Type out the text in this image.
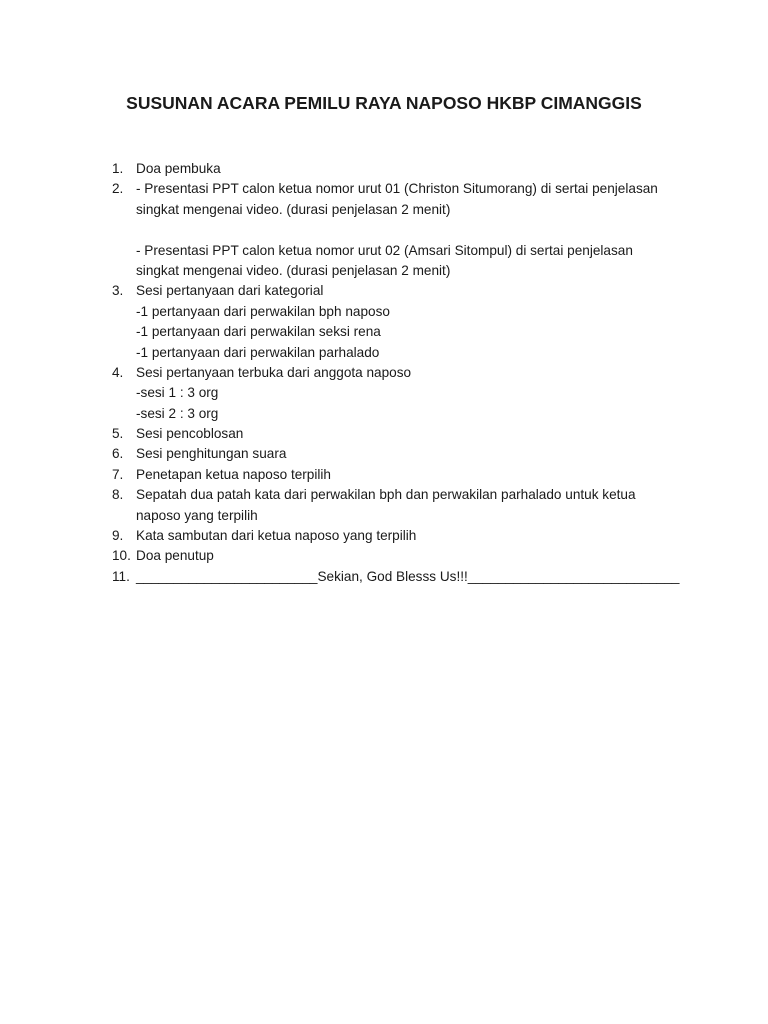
SUSUNAN ACARA PEMILU RAYA NAPOSO HKBP CIMANGGIS
1. Doa pembuka
2. - Presentasi PPT calon ketua nomor urut 01 (Christon Situmorang) di sertai penjelasan
singkat mengenai video. (durasi penjelasan 2 menit)
- Presentasi PPT calon ketua nomor urut 02 (Amsari Sitompul) di sertai penjelasan
singkat mengenai video. (durasi penjelasan 2 menit)
3. Sesi pertanyaan dari kategorial
-1 pertanyaan dari perwakilan bph naposo
-1 pertanyaan dari perwakilan seksi rena
-1 pertanyaan dari perwakilan parhalado
4. Sesi pertanyaan terbuka dari anggota naposo
-sesi 1 : 3 org
-sesi 2 : 3 org
5. Sesi pencoblosan
6. Sesi penghitungan suara
7. Penetapan ketua naposo terpilih
8. Sepatah dua patah kata dari perwakilan bph dan perwakilan parhalado untuk ketua
naposo yang terpilih
9. Kata sambutan dari ketua naposo yang terpilih
10. Doa penutup
11. ________________________Sekian, God Blesss Us!!!____________________________
